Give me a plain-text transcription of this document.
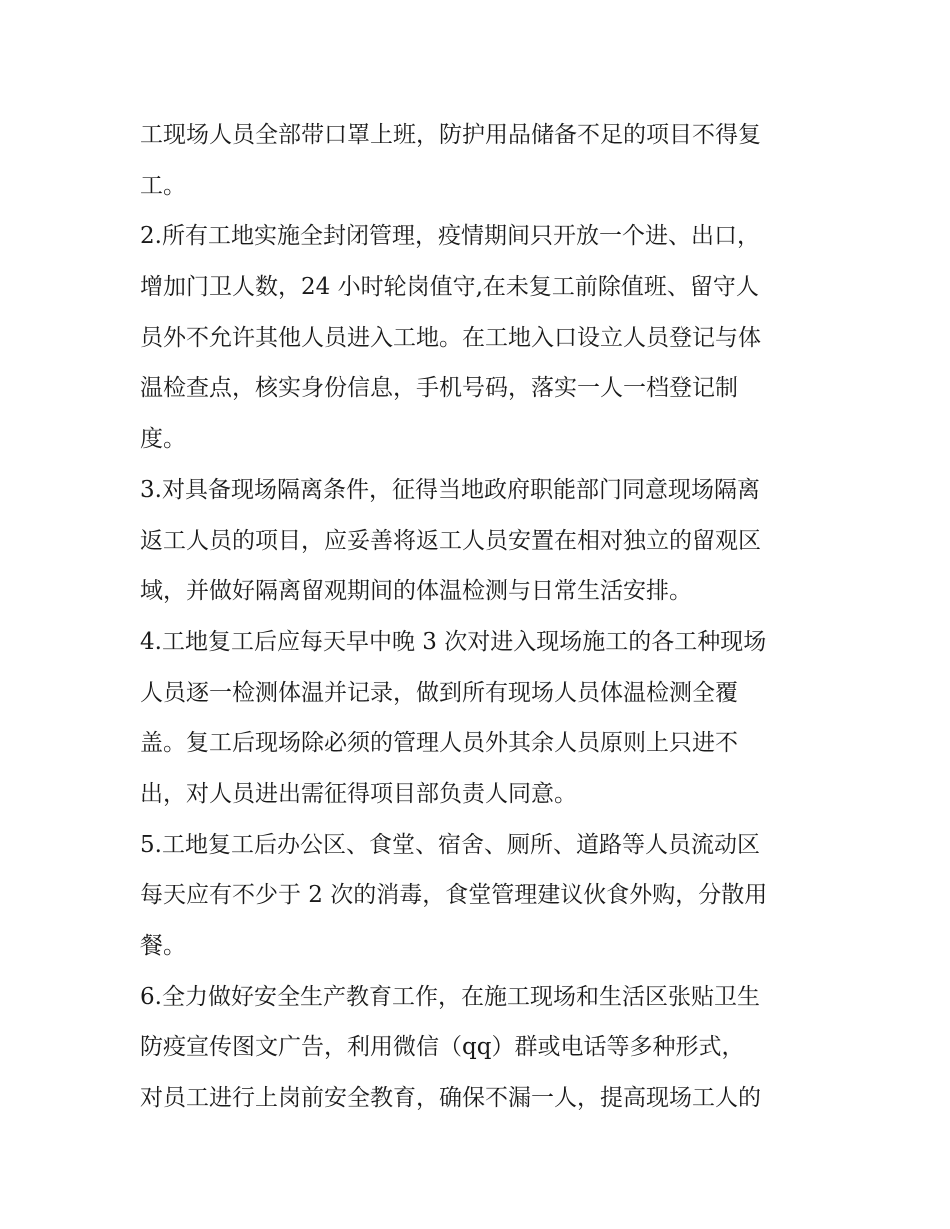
工现场人员全部带口罩上班，防护用品储备不足的项目不得复
工。
2.所有工地实施全封闭管理，疫情期间只开放一个进、出口，
增加门卫人数，24 小时轮岗值守,在未复工前除值班、留守人
员外不允许其他人员进入工地。在工地入口设立人员登记与体
温检查点，核实身份信息，手机号码，落实一人一档登记制
度。
3.对具备现场隔离条件，征得当地政府职能部门同意现场隔离
返工人员的项目，应妥善将返工人员安置在相对独立的留观区
域，并做好隔离留观期间的体温检测与日常生活安排。
4.工地复工后应每天早中晚 3 次对进入现场施工的各工种现场
人员逐一检测体温并记录，做到所有现场人员体温检测全覆
盖。复工后现场除必须的管理人员外其余人员原则上只进不
出，对人员进出需征得项目部负责人同意。
5.工地复工后办公区、食堂、宿舍、厕所、道路等人员流动区
每天应有不少于 2 次的消毒，食堂管理建议伙食外购，分散用
餐。
6.全力做好安全生产教育工作，在施工现场和生活区张贴卫生
防疫宣传图文广告，利用微信（qq）群或电话等多种形式，
对员工进行上岗前安全教育，确保不漏一人，提高现场工人的
